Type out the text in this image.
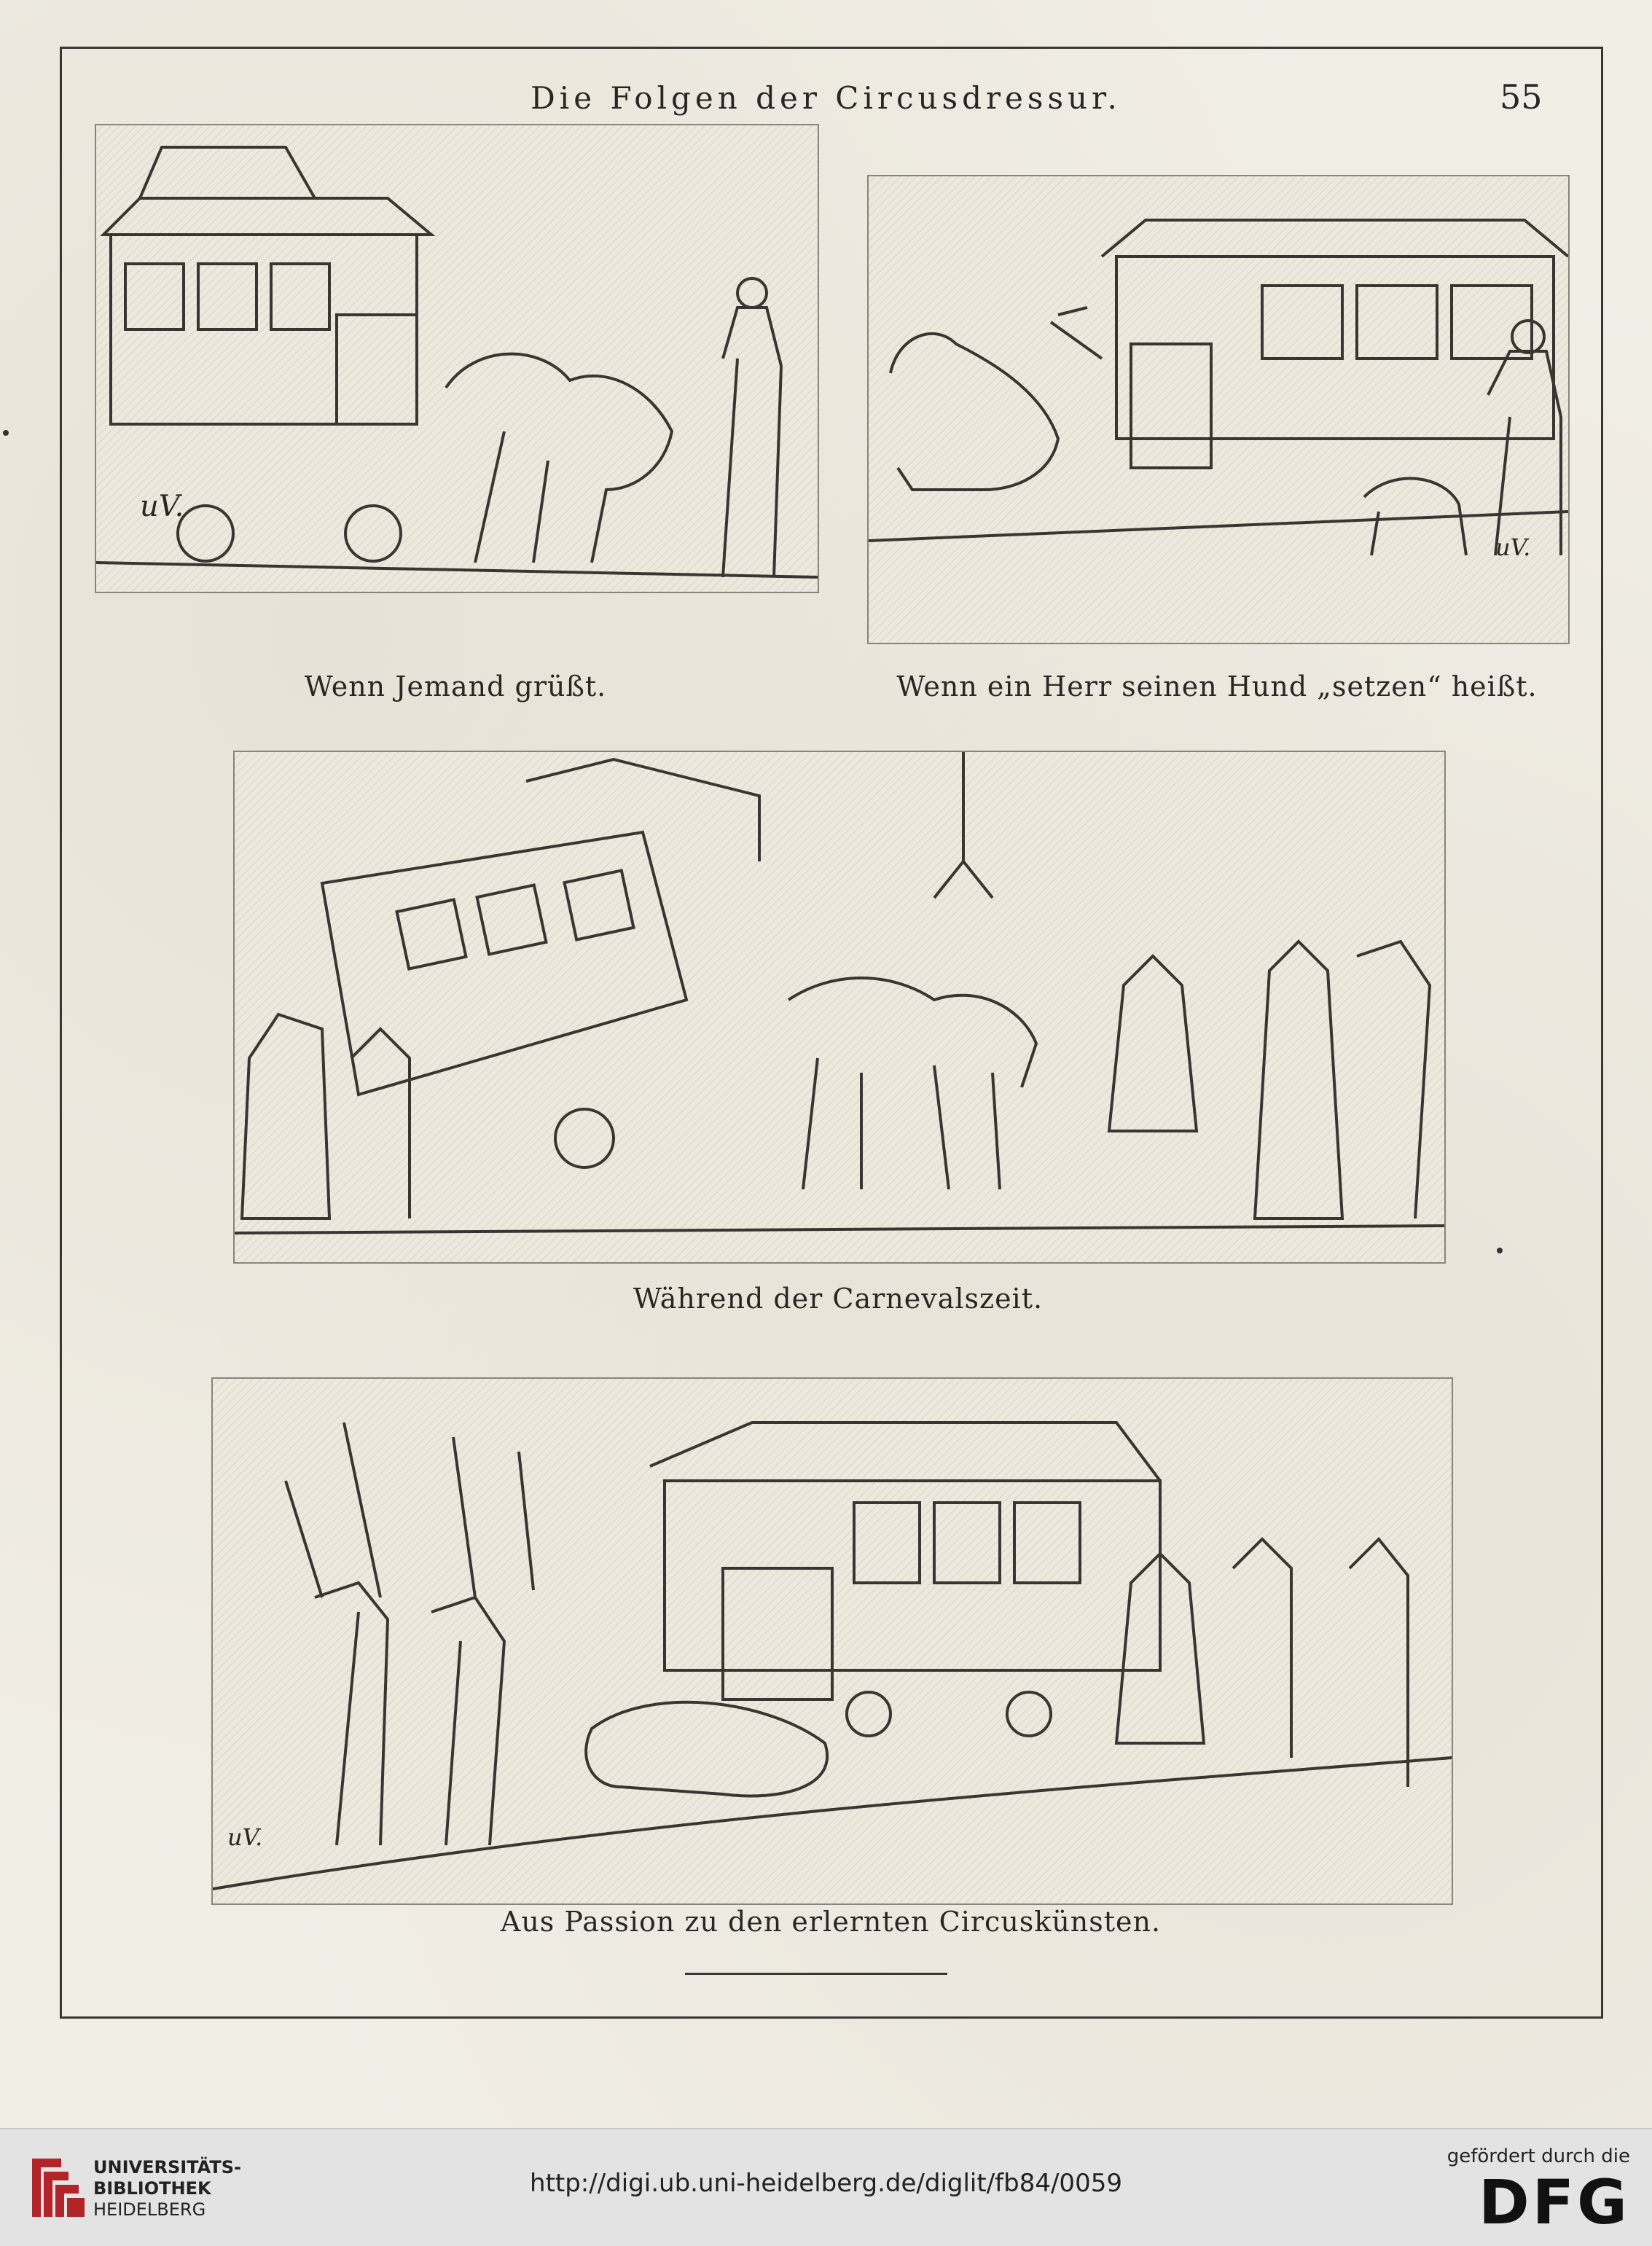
Die Folgen der Circusdressur.	55
uV.
Wenn Jemand grüßt.
uV.
Wenn ein Herr seinen Hund „setzen“ heißt.
Während der Carnevalszeit.
uV.
Aus Passion zu den erlernten Circuskünsten.
UNIVERSITÄTS-
BIBLIOTHEK
HEIDELBERG
http://digi.ub.uni-heidelberg.de/diglit/fb84/0059
gefördert durch die
DFG
